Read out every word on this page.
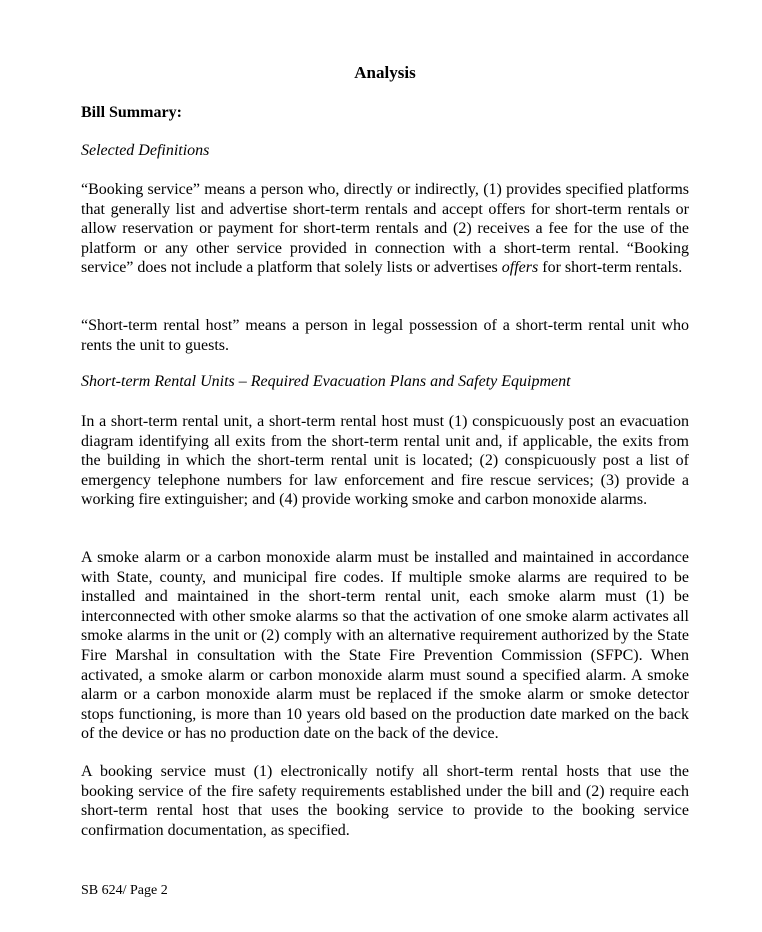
Analysis
Bill Summary:
Selected Definitions
“Booking service” means a person who, directly or indirectly, (1) provides specified platforms that generally list and advertise short-term rentals and accept offers for short-term rentals or allow reservation or payment for short-term rentals and (2) receives a fee for the use of the platform or any other service provided in connection with a short-term rental. “Booking service” does not include a platform that solely lists or advertises offers for short-term rentals.
“Short-term rental host” means a person in legal possession of a short-term rental unit who rents the unit to guests.
Short-term Rental Units – Required Evacuation Plans and Safety Equipment
In a short-term rental unit, a short-term rental host must (1) conspicuously post an evacuation diagram identifying all exits from the short-term rental unit and, if applicable, the exits from the building in which the short-term rental unit is located; (2) conspicuously post a list of emergency telephone numbers for law enforcement and fire rescue services; (3) provide a working fire extinguisher; and (4) provide working smoke and carbon monoxide alarms.
A smoke alarm or a carbon monoxide alarm must be installed and maintained in accordance with State, county, and municipal fire codes. If multiple smoke alarms are required to be installed and maintained in the short-term rental unit, each smoke alarm must (1) be interconnected with other smoke alarms so that the activation of one smoke alarm activates all smoke alarms in the unit or (2) comply with an alternative requirement authorized by the State Fire Marshal in consultation with the State Fire Prevention Commission (SFPC). When activated, a smoke alarm or carbon monoxide alarm must sound a specified alarm. A smoke alarm or a carbon monoxide alarm must be replaced if the smoke alarm or smoke detector stops functioning, is more than 10 years old based on the production date marked on the back of the device or has no production date on the back of the device.
A booking service must (1) electronically notify all short-term rental hosts that use the booking service of the fire safety requirements established under the bill and (2) require each short-term rental host that uses the booking service to provide to the booking service confirmation documentation, as specified.
SB 624/ Page 2
